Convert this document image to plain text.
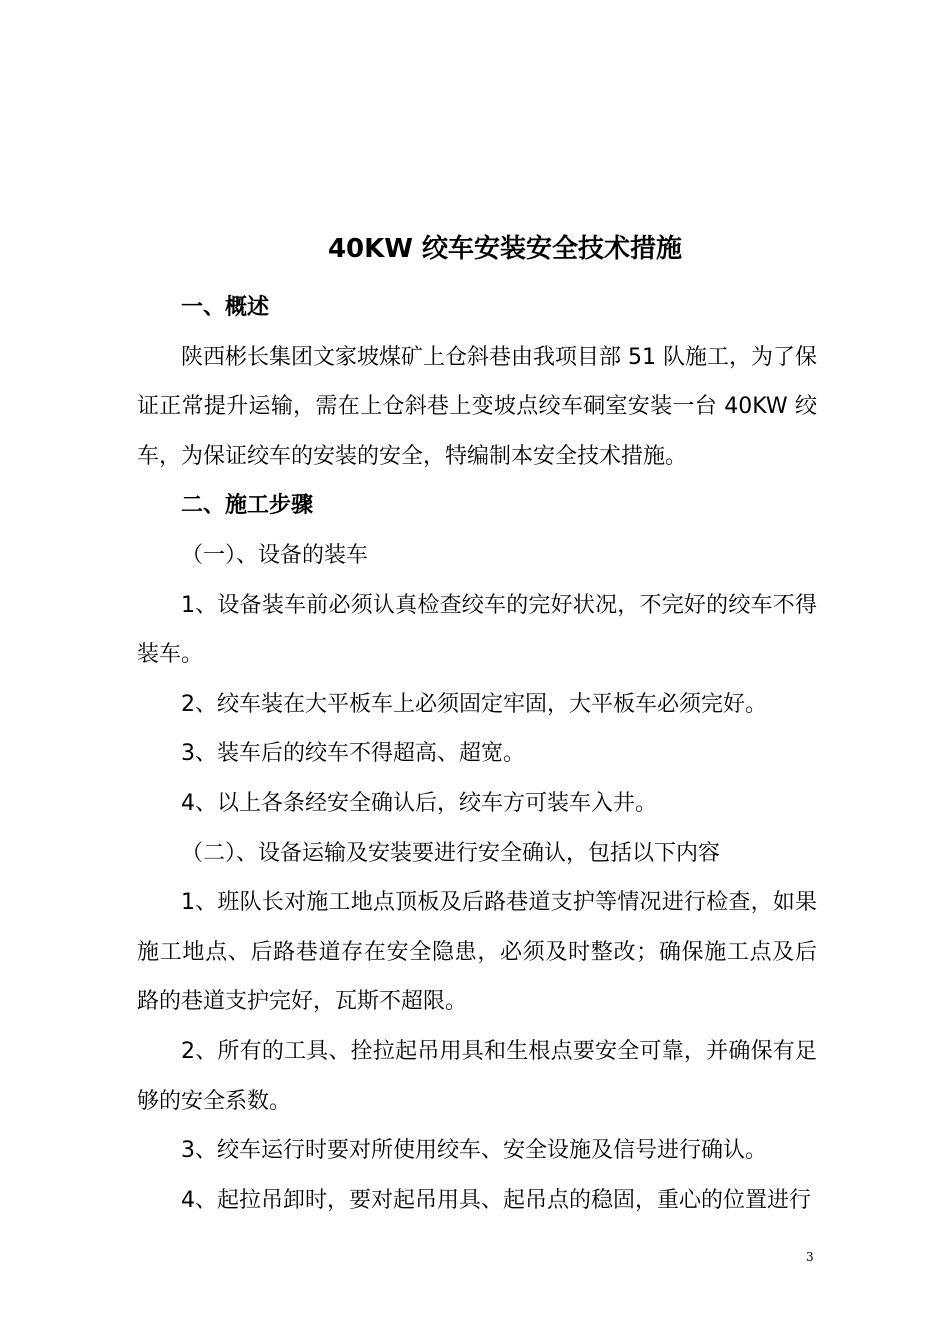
40KW 绞车安装安全技术措施

一、概述

陕西彬长集团文家坡煤矿上仓斜巷由我项目部 51 队施工，为了保证正常提升运输，需在上仓斜巷上变坡点绞车硐室安装一台 40KW 绞车，为保证绞车的安装的安全，特编制本安全技术措施。

二、施工步骤

（一）、设备的装车

1、设备装车前必须认真检查绞车的完好状况，不完好的绞车不得装车。

2、绞车装在大平板车上必须固定牢固，大平板车必须完好。

3、装车后的绞车不得超高、超宽。

4、以上各条经安全确认后，绞车方可装车入井。

（二）、设备运输及安装要进行安全确认，包括以下内容

1、班队长对施工地点顶板及后路巷道支护等情况进行检查，如果施工地点、后路巷道存在安全隐患，必须及时整改；确保施工点及后路的巷道支护完好，瓦斯不超限。

2、所有的工具、拴拉起吊用具和生根点要安全可靠，并确保有足够的安全系数。

3、绞车运行时要对所使用绞车、安全设施及信号进行确认。

4、起拉吊卸时，要对起吊用具、起吊点的稳固，重心的位置进行

3
